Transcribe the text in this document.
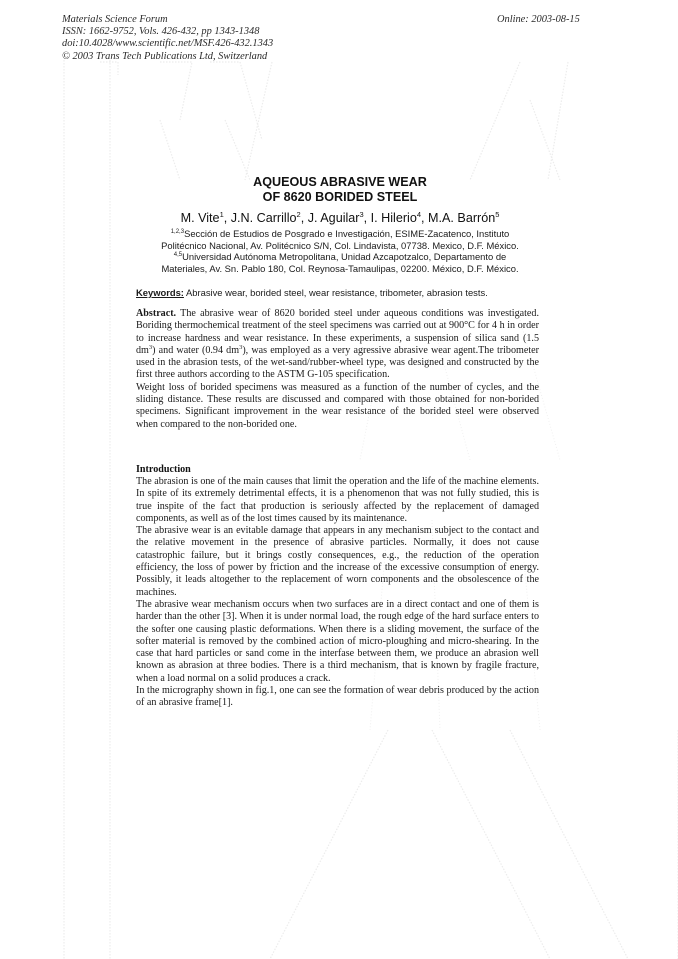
Materials Science Forum
ISSN: 1662-9752, Vols. 426-432, pp 1343-1348
doi:10.4028/www.scientific.net/MSF.426-432.1343
© 2003 Trans Tech Publications Ltd, Switzerland
Online: 2003-08-15
AQUEOUS ABRASIVE WEAR
OF 8620 BORIDED STEEL
M. Vite$^1$, J.N. Carrillo$^2$, J. Aguilar$^3$, I. Hilerio$^4$, M.A. Barrón$^5$
$^{1,2,3}$Sección de Estudios de Posgrado e Investigación, ESIME-Zacatenco, Instituto
Politécnico Nacional, Av. Politécnico S/N, Col. Lindavista, 07738. Mexico, D.F. México.
$^{4,5}$Universidad Autónoma Metropolitana, Unidad Azcapotzalco, Departamento de
Materiales, Av. Sn. Pablo 180, Col. Reynosa-Tamaulipas, 02200. México, D.F. México.
Keywords: Abrasive wear, borided steel, wear resistance, tribometer, abrasion tests.

Abstract. The abrasive wear of 8620 borided steel under aqueous conditions was investigated. Boriding thermochemical treatment of the steel specimens was carried out at 900°C for 4 h in order to increase hardness and wear resistance. In these experiments, a suspension of silica sand (1.5 $dm^3$) and water (0.94 $dm^3$), was employed as a very agressive abrasive wear agent.The tribometer used in the abrasion tests, of the wet-sand/rubber-wheel type, was designed and constructed by the first three authors according to the ASTM G-105 specification.

Weight loss of borided specimens was measured as a function of the number of cycles, and the sliding distance. These results are discussed and compared with those obtained for non-borided specimens. Significant improvement in the wear resistance of the borided steel were observed when compared to the non-borided one.

Introduction

The abrasion is one of the main causes that limit the operation and the life of the machine elements. In spite of its extremely detrimental effects, it is a phenomenon that was not fully studied, this is true inspite of the fact that production is seriously affected by the replacement of damaged components, as well as of the lost times caused by its maintenance.

The abrasive wear is an evitable damage that appears in any mechanism subject to the contact and the relative movement in the presence of abrasive particles. Normally, it does not cause catastrophic failure, but it brings costly consequences, e.g., the reduction of the operation efficiency, the loss of power by friction and the increase of the excessive consumption of energy. Possibly, it leads altogether to the replacement of worn components and the obsolescence of the machines.

The abrasive wear mechanism occurs when two surfaces are in a direct contact and one of them is harder than the other [3]. When it is under normal load, the rough edge of the hard surface enters to the softer one causing plastic deformations. When there is a sliding movement, the surface of the softer material is removed by the combined action of micro-ploughing and micro-shearing. In the case that hard particles or sand come in the interfase between them, we produce an abrasion well known as abrasion at three bodies. There is a third mechanism, that is known by fragile fracture, when a load normal on a solid produces a crack.

In the micrography shown in fig.1, one can see the formation of wear debris produced by the action of an abrasive frame[1].
